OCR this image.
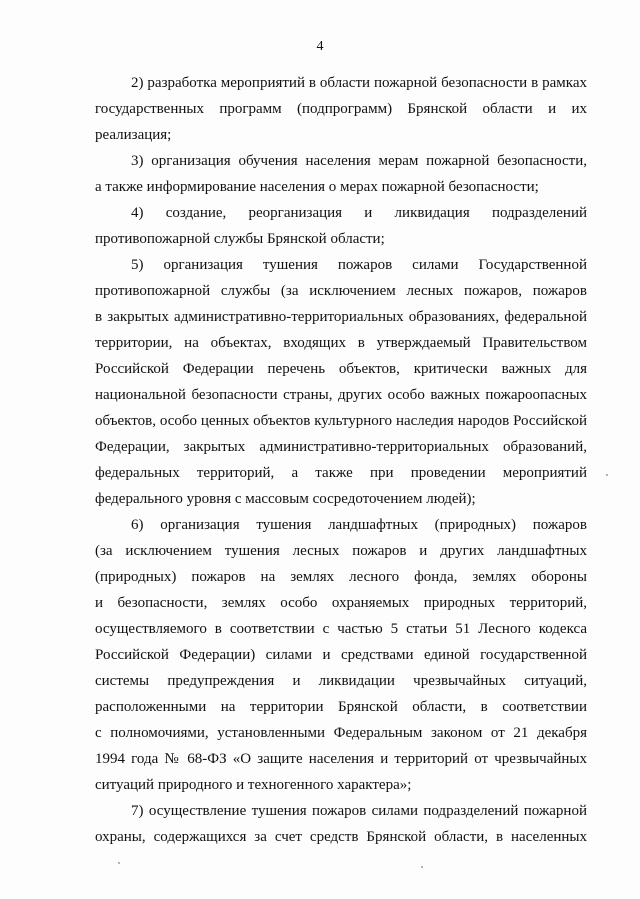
4
2) разработка мероприятий в области пожарной безопасности в рамках
государственных программ (подпрограмм) Брянской области и их
реализация;
3) организация обучения населения мерам пожарной безопасности,
а также информирование населения о мерах пожарной безопасности;
4) создание, реорганизация и ликвидация подразделений
противопожарной службы Брянской области;
5) организация тушения пожаров силами Государственной
противопожарной службы (за исключением лесных пожаров, пожаров
в закрытых административно-территориальных образованиях, федеральной
территории, на объектах, входящих в утверждаемый Правительством
Российской Федерации перечень объектов, критически важных для
национальной безопасности страны, других особо важных пожароопасных
объектов, особо ценных объектов культурного наследия народов Российской
Федерации, закрытых административно-территориальных образований,
федеральных территорий, а также при проведении мероприятий
федерального уровня с массовым сосредоточением людей);
6) организация тушения ландшафтных (природных) пожаров
(за исключением тушения лесных пожаров и других ландшафтных
(природных) пожаров на землях лесного фонда, землях обороны
и безопасности, землях особо охраняемых природных территорий,
осуществляемого в соответствии с частью 5 статьи 51 Лесного кодекса
Российской Федерации) силами и средствами единой государственной
системы предупреждения и ликвидации чрезвычайных ситуаций,
расположенными на территории Брянской области, в соответствии
с полномочиями, установленными Федеральным законом от 21 декабря
1994 года № 68-ФЗ «О защите населения и территорий от чрезвычайных
ситуаций природного и техногенного характера»;
7) осуществление тушения пожаров силами подразделений пожарной
охраны, содержащихся за счет средств Брянской области, в населенных
